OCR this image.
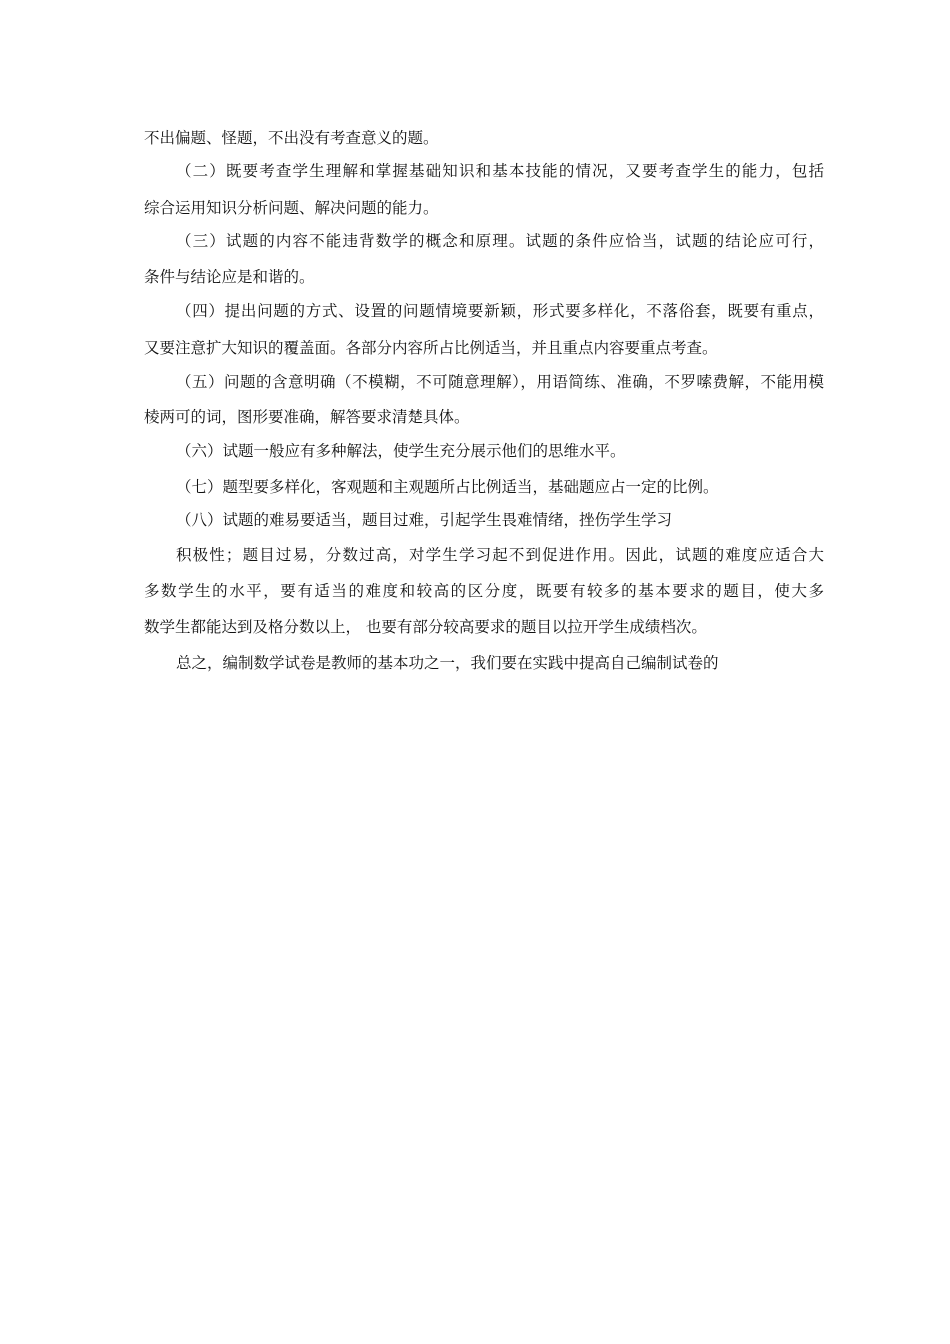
不出偏题、怪题，不出没有考查意义的题。
（二）既要考查学生理解和掌握基础知识和基本技能的情况，又要考查学生的能力，包括
综合运用知识分析问题、解决问题的能力。
（三）试题的内容不能违背数学的概念和原理。试题的条件应恰当，试题的结论应可行，
条件与结论应是和谐的。
（四）提出问题的方式、设置的问题情境要新颖，形式要多样化，不落俗套，既要有重点，
又要注意扩大知识的覆盖面。各部分内容所占比例适当，并且重点内容要重点考查。
（五）问题的含意明确（不模糊，不可随意理解），用语简练、准确，不罗嗦费解，不能用模
棱两可的词，图形要准确，解答要求清楚具体。
（六）试题一般应有多种解法，使学生充分展示他们的思维水平。
（七）题型要多样化，客观题和主观题所占比例适当，基础题应占一定的比例。
（八）试题的难易要适当，题目过难，引起学生畏难情绪，挫伤学生学习
积极性；题目过易，分数过高，对学生学习起不到促进作用。因此，试题的难度应适合大
多数学生的水平，要有适当的难度和较高的区分度，既要有较多的基本要求的题目，使大多
数学生都能达到及格分数以上， 也要有部分较高要求的题目以拉开学生成绩档次。
总之，编制数学试卷是教师的基本功之一，我们要在实践中提高自己编制试卷的
